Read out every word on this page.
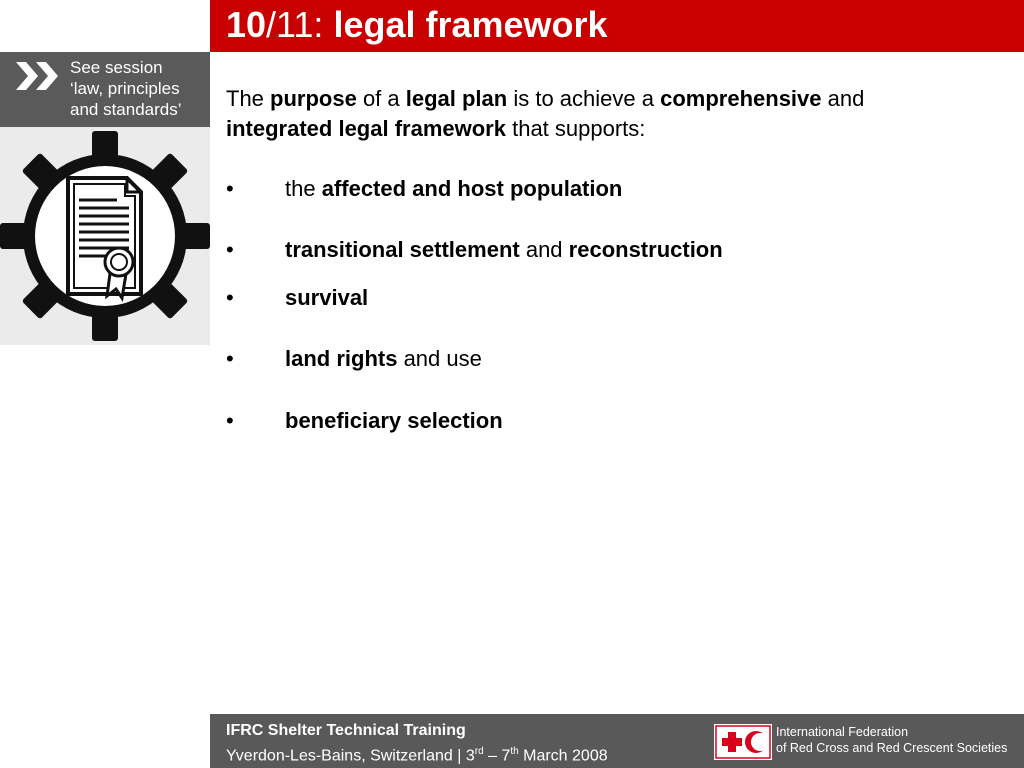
10/11: legal framework
See session
‘law, principles
and standards’	The purpose of a legal plan is to achieve a comprehensive and
integrated legal framework that supports:

• the affected and host population
• transitional settlement and reconstruction
• survival
• land rights and use
• beneficiary selection
IFRC Shelter Technical Training
Yverdon-Les-Bains, Switzerland | 3rd – 7th March 2008
International Federation
of Red Cross and Red Crescent Societies
